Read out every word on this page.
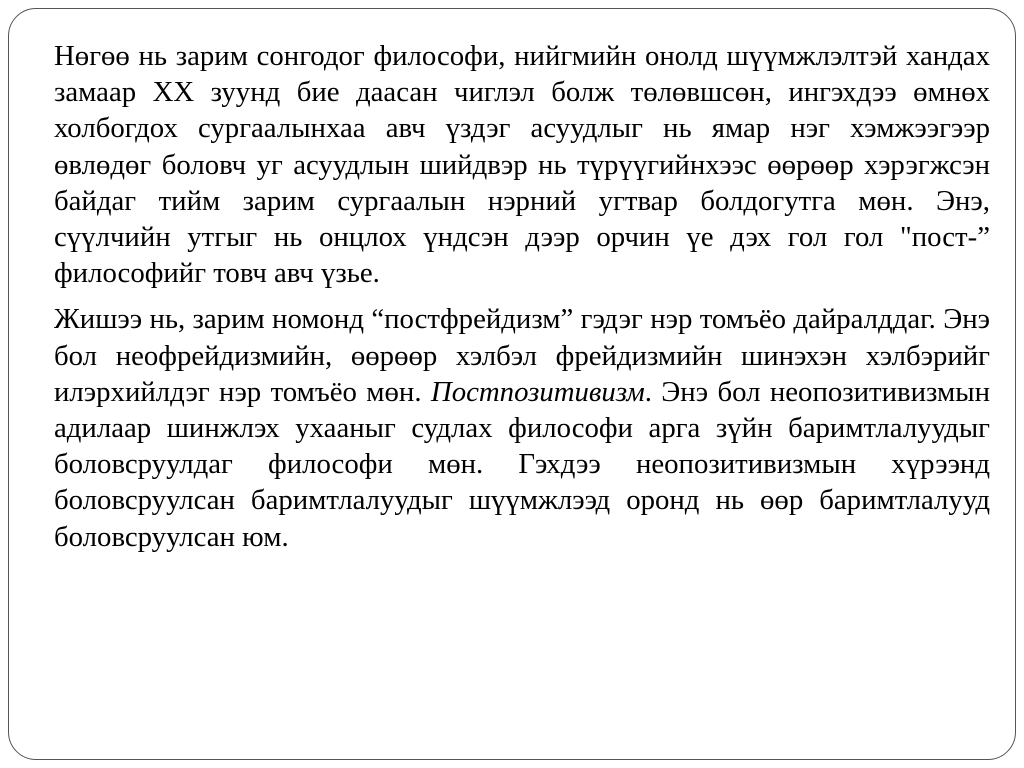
Нөгөө нь зарим сонгодог философи, нийгмийн онолд шүүмжлэлтэй хандах замаар XX зуунд бие даасан чиглэл болж төлөвшсөн, ингэхдээ өмнөх холбогдох сургаалынхаа авч үздэг асуудлыг нь ямар нэг хэмжээгээр өвлөдөг боловч уг асуудлын шийдвэр нь түрүүгийнхээс өөрөөр хэрэгжсэн байдаг тийм зарим сургаалын нэрний угтвар болдогутга мөн. Энэ, сүүлчийн утгыг нь онцлох үндсэн дээр орчин үе дэх гол гол "пост-” философийг товч авч үзье.

Жишээ нь, зарим номонд “постфрейдизм” гэдэг нэр томъёо дайралддаг. Энэ бол неофрейдизмийн, өөрөөр хэлбэл фрейдизмийн шинэхэн хэлбэрийг илэрхийлдэг нэр томъёо мөн. Постпозитивизм. Энэ бол неопозитивизмын адилаар шинжлэх ухааныг судлах философи арга зүйн баримтлалуудыг боловсруулдаг философи мөн. Гэхдээ неопозитивизмын хүрээнд боловсруулсан баримтлалуудыг шүүмжлээд оронд нь өөр баримтлалууд боловсруулсан юм.
